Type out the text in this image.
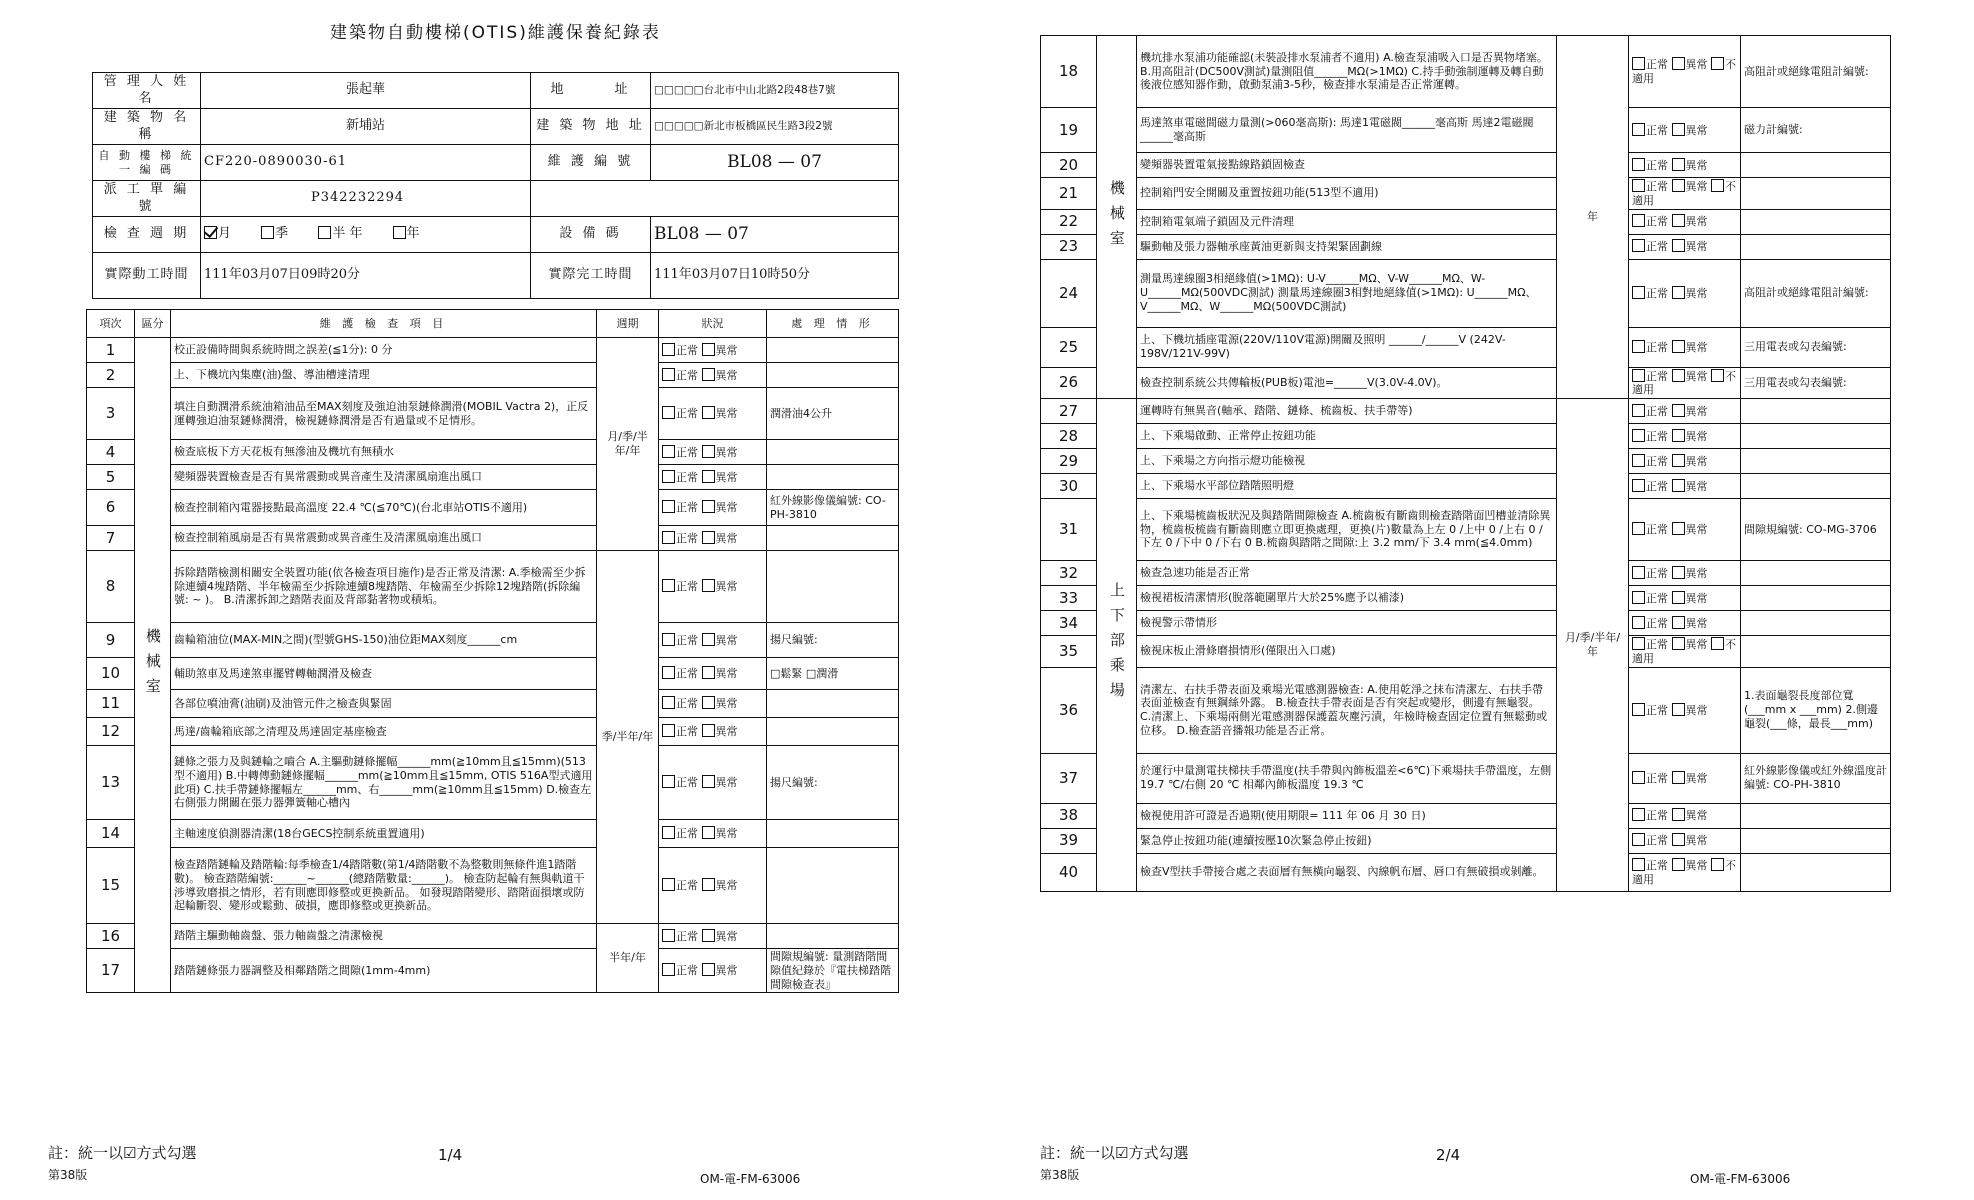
建築物自動樓梯(OTIS)維護保養紀錄表
管 理 人 姓 名	張起華	地　　　址	□□□□□台北市中山北路2段48巷7號
建 築 物 名 稱	新埔站	建 築 物 地 址	□□□□□新北市板橋區民生路3段2號
自 動 樓 梯 統 一 編 碼	CF220-0890030-61	維 護 編 號	BL08 — 07
派 工 單 編 號	P342232294		
檢 查 週 期	月　　 季　　 半 年　　 年	設 備 碼	BL08 — 07
實際動工時間	111年03月07日09時20分	實際完工時間	111年03月07日10時50分
項次	區分	維 護 檢 查 項 目	週期	狀況	處 理 情 形
1	機械室	校正設備時間與系統時間之誤差(≦1分): 0 分	月/季/半年/年	正常 異常	
2		上、下機坑內集塵(油)盤、導油槽達清理		正常 異常	
3		填注自動潤滑系統油箱油品至MAX刻度及強迫油泵鏈條潤滑(MOBIL Vactra 2)，正反運轉強迫油泵鏈條潤滑，檢視鏈條潤滑是否有過量或不足情形。		正常 異常	潤滑油4公升
4		檢查底板下方天花板有無滲油及機坑有無積水		正常 異常	
5		變頻器裝置檢查是否有異常震動或異音產生及清潔風扇進出風口		正常 異常	
6		檢查控制箱內電器接點最高溫度 22.4 ℃(≦70℃)(台北車站OTIS不適用)		正常 異常	紅外線影像儀編號: CO-PH-3810
7		檢查控制箱風扇是否有異常震動或異音產生及清潔風扇進出風口		正常 異常	
8		拆除踏階檢測相關安全裝置功能(依各檢查項目施作)是否正常及清潔: A.季檢需至少拆除連續4塊踏階、半年檢需至少拆除連續8塊踏階、年檢需至少拆除12塊踏階(拆除編號: ~ )。 B.清潔拆卸之踏階表面及背部黏著物或積垢。	季/半年/年	正常 異常	
9		齒輪箱油位(MAX-MIN之間)(型號GHS-150)油位距MAX刻度______cm		正常 異常	揚尺編號:
10		輔助煞車及馬達煞車擺臂轉軸潤滑及檢查		正常 異常	□鬆緊 □潤滑
11		各部位噴油膏(油刷)及油管元件之檢查與緊固		正常 異常	
12		馬達/齒輪箱底部之清理及馬達固定基座檢查		正常 異常	
13		鏈條之張力及與鏈輪之嚙合 A.主驅動鏈條擺幅______mm(≧10mm且≦15mm)(513型不適用) B.中轉傳動鏈條擺幅______mm(≧10mm且≦15mm, OTIS 516A型式適用此項) C.扶手帶鏈條擺幅左______mm、右______mm(≧10mm且≦15mm) D.檢查左右側張力開關在張力器彈簧軸心槽內		正常 異常	揚尺編號:
14		主軸速度偵測器清潔(18台GECS控制系統重置適用)		正常 異常	
15		檢查踏階鏈輪及踏階輪:每季檢查1/4踏階數(第1/4踏階數不為整數則無條件進1踏階數)。 檢查踏階編號:______~______(總踏階數量:______)。 檢查防起輪有無與軌道干涉導致磨損之情形，若有則應即修整或更換新品。 如發現踏階變形、踏階面損壞或防起輪斷裂、變形或鬆動、破損，應即修整或更換新品。		正常 異常	
16		踏階主驅動軸齒盤、張力軸齒盤之清潔檢視	半年/年	正常 異常	
17		踏階鏈條張力器調整及相鄰踏階之間隙(1mm-4mm)		正常 異常	間隙規編號: 量測踏階間隙值紀錄於『電扶梯踏階間隙檢查表』
註：統一以☑方式勾選	1/4
第38版	OM-電-FM-63006
18	機械室	機坑排水泵浦功能確認(未裝設排水泵浦者不適用) A.檢查泵浦吸入口是否異物堵塞。 B.用高阻計(DC500V測試)量測阻值______MΩ(>1MΩ) C.持手動強制運轉及轉自動後液位感知器作動，啟動泵浦3-5秒，檢查排水泵浦是否正常運轉。	年	正常 異常 不適用	高阻計或絕緣電阻計編號:
19		馬達煞車電磁間磁力量測(>060毫高斯): 馬達1電磁閥______毫高斯 馬達2電磁閥______毫高斯		正常 異常	磁力計編號:
20		變頻器裝置電氣接點線路鎖固檢查		正常 異常	
21		控制箱門安全開關及重置按鈕功能(513型不適用)		正常 異常 不適用	
22		控制箱電氣端子鎖固及元件清理		正常 異常	
23		驅動軸及張力器軸承座黃油更新與支持架緊固劃線		正常 異常	
24		測量馬達線圈3相絕緣值(>1MΩ): U-V______MΩ、V-W______MΩ、W-U______MΩ(500VDC測試) 測量馬達線圈3相對地絕緣值(>1MΩ): U______MΩ、V______MΩ、W______MΩ(500VDC測試)		正常 異常	高阻計或絕緣電阻計編號:
25		上、下機坑插座電源(220V/110V電源)開關及照明 ______/______V (242V-198V/121V-99V)		正常 異常	三用電表或勾表編號:
26		檢查控制系統公共傳輸板(PUB板)電池=______V(3.0V-4.0V)。		正常 異常 不適用	三用電表或勾表編號:
27	上下部乘場	運轉時有無異音(軸承、踏階、鏈條、梳齒板、扶手帶等)	月/季/半年/年	正常 異常	
28		上、下乘場啟動、正常停止按鈕功能		正常 異常	
29		上、下乘場之方向指示燈功能檢視		正常 異常	
30		上、下乘場水平部位踏階照明燈		正常 異常	
31		上、下乘場梳齒板狀況及與踏階間隙檢查 A.梳齒板有斷齒則檢查踏階面凹槽並清除異物，梳齒板梳齒有斷齒則應立即更換處理，更換(片)數量為上左 0 /上中 0 /上右 0 /下左 0 /下中 0 /下右 0 B.梳齒與踏階之間隙:上 3.2 mm/下 3.4 mm(≦4.0mm)		正常 異常	間隙規編號: CO-MG-3706
32		檢查急速功能是否正常		正常 異常	
33		檢視裙板清潔情形(脫落範圍單片大於25%應予以補漆)		正常 異常	
34		檢視警示帶情形		正常 異常	
35		檢視床板止滑條磨損情形(僅限出入口處)		正常 異常 不適用	
36		清潔左、右扶手帶表面及乘場光電感測器檢查: A.使用乾淨之抹布清潔左、右扶手帶表面並檢查有無鋼絲外露。 B.檢查扶手帶表面是否有突起或變形，側邊有無龜裂。 C.清潔上、下乘場兩側光電感測器保護蓋灰塵污漬，年檢時檢查固定位置有無鬆動或位移。 D.檢查語音播報功能是否正常。		正常 異常	1.表面龜裂長度部位寬(___mm x ___mm) 2.側邊龜裂(___條，最長___mm)
37		於運行中量測電扶梯扶手帶溫度(扶手帶與內飾板溫差<6℃)下乘場扶手帶溫度，左側 19.7 ℃/右側 20 ℃ 相鄰內飾板溫度 19.3 ℃		正常 異常	紅外線影像儀或紅外線溫度計編號: CO-PH-3810
38		檢視使用許可證是否過期(使用期限= 111 年 06 月 30 日)		正常 異常	
39		緊急停止按鈕功能(連續按壓10次緊急停止按鈕)		正常 異常	
40		檢查V型扶手帶接合處之表面層有無橫向龜裂、內線帆布層、唇口有無破損或剝離。		正常 異常 不適用	
註：統一以☑方式勾選	2/4
第38版	OM-電-FM-63006
